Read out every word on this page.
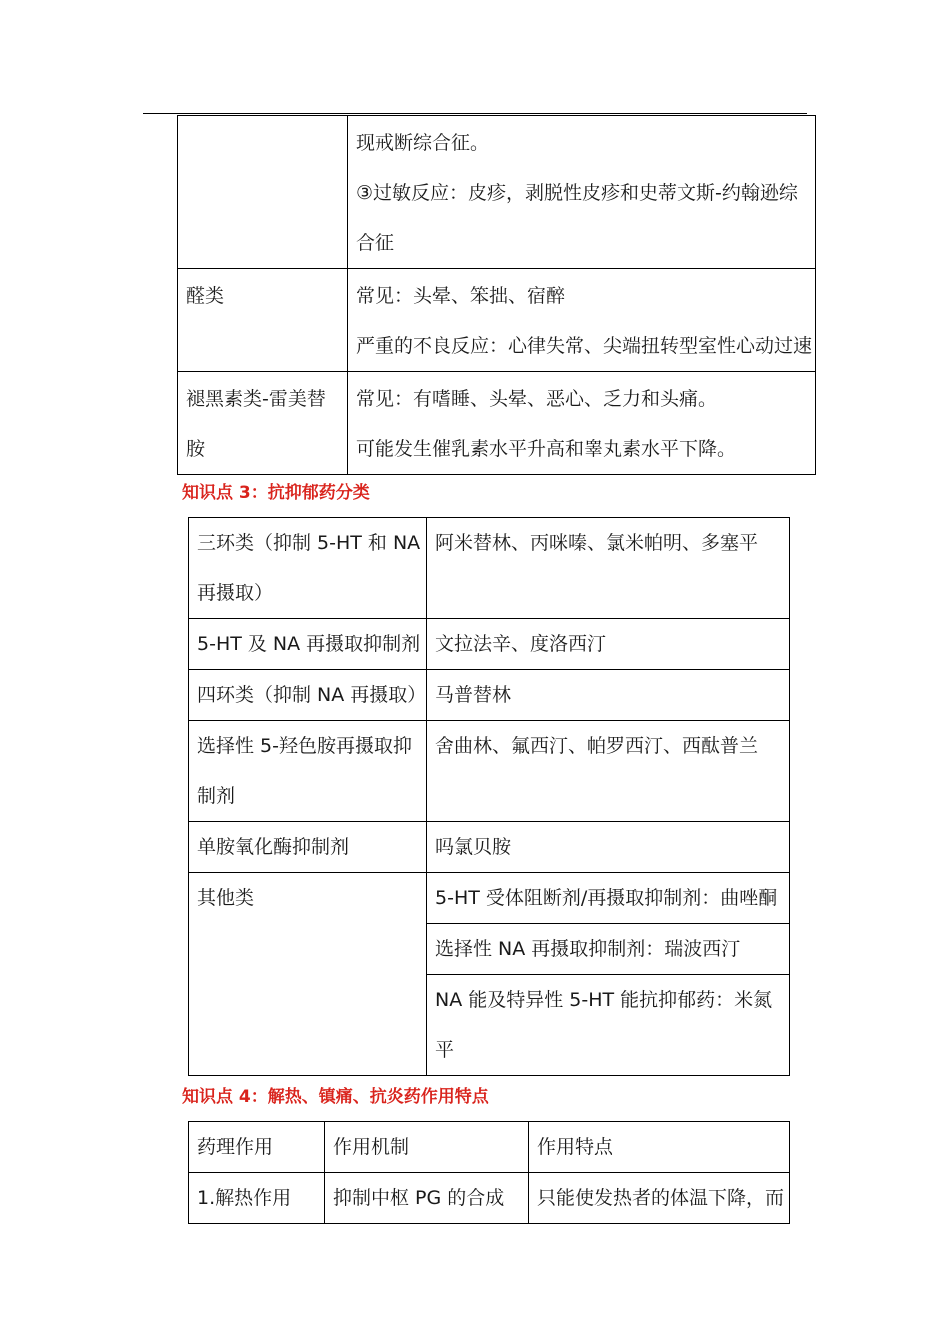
	现戒断综合征。
③过敏反应：皮疹，剥脱性皮疹和史蒂文斯-约翰逊综
合征

醛类	常见：头晕、笨拙、宿醉
严重的不良反应：心律失常、尖端扭转型室性心动过速

褪黑素类-雷美替
胺	常见：有嗜睡、头晕、恶心、乏力和头痛。
可能发生催乳素水平升高和睾丸素水平下降。
知识点 3：抗抑郁药分类
三环类（抑制 5-HT 和 NA
再摄取）	阿米替林、丙咪嗪、氯米帕明、多塞平
5-HT 及 NA 再摄取抑制剂	文拉法辛、度洛西汀
四环类（抑制 NA 再摄取）	马普替林

选择性 5-羟色胺再摄取抑
制剂	舍曲林、氟西汀、帕罗西汀、西酞普兰
单胺氧化酶抑制剂	吗氯贝胺
其他类	5-HT 受体阻断剂/再摄取抑制剂：曲唑酮
	选择性 NA 再摄取抑制剂：瑞波西汀

	NA 能及特异性 5-HT 能抗抑郁药：米氮
平
知识点 4：解热、镇痛、抗炎药作用特点
药理作用	作用机制	作用特点
1.解热作用	抑制中枢 PG 的合成	只能使发热者的体温下降，而
